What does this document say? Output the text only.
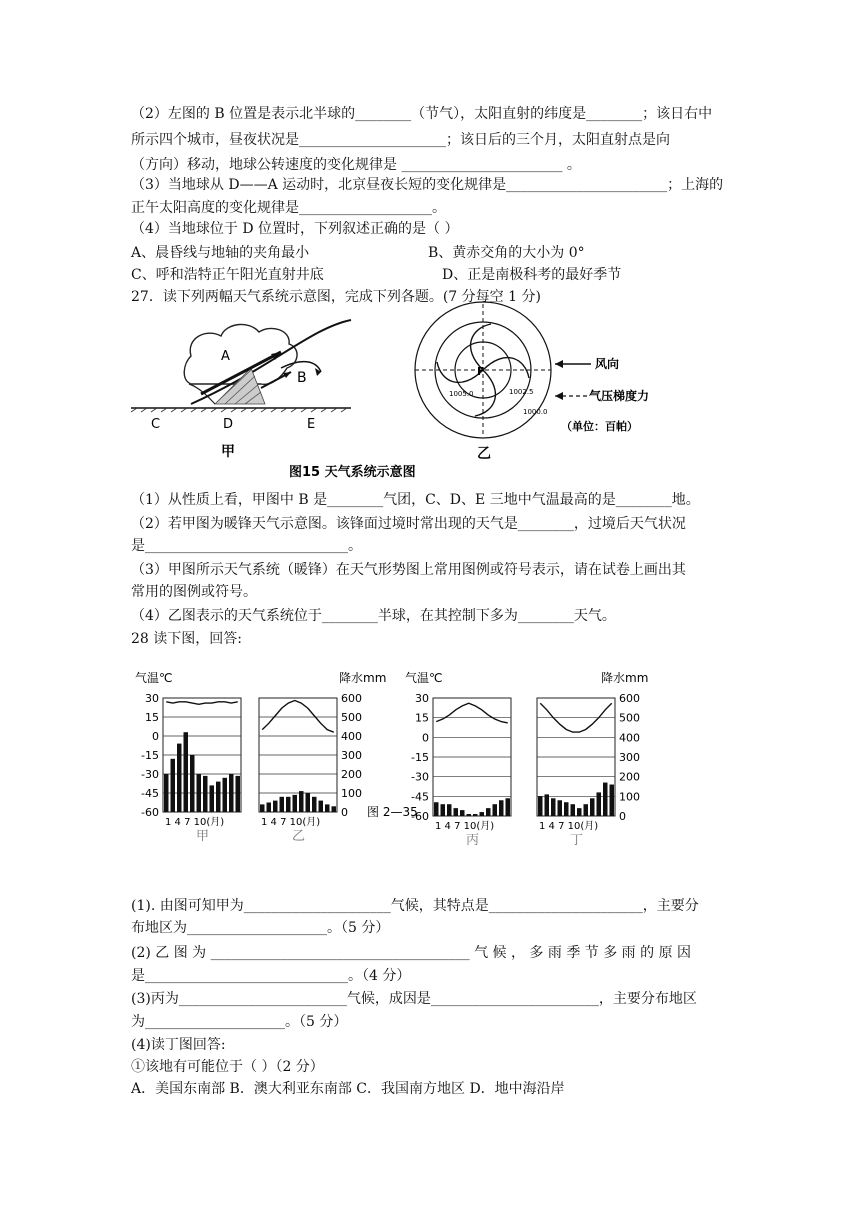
（2）左图的 B 位置是表示北半球的________（节气），太阳直射的纬度是________；该日右中
所示四个城市，昼夜状况是_____________________；该日后的三个月，太阳直射点是向
（方向）移动，地球公转速度的变化规律是 _______________________ 。
（3）当地球从 D——A 运动时，北京昼夜长短的变化规律是_______________________；上海的
正午太阳高度的变化规律是___________________。
（4）当地球位于 D 位置时，下列叙述正确的是（ ）
A、晨昏线与地轴的夹角最小	B、黄赤交角的大小为 0°
C、呼和浩特正午阳光直射井底	D、正是南极科考的最好季节
27．读下列两幅天气系统示意图，完成下列各题。(7 分每空 1 分)
A
B
C	D	E
甲
图15 天气系统示意图
F
1005.0	1002.5
1000.0
乙
风向
气压梯度力
（单位：百帕）
（1）从性质上看，甲图中 B 是________气团，C、D、E 三地中气温最高的是________地。
（2）若甲图为暖锋天气示意图。该锋面过境时常出现的天气是________，过境后天气状况
是_____________________________。
（3）甲图所示天气系统（暖锋）在天气形势图上常用图例或符号表示，请在试卷上画出其
常用的图例或符号。
（4）乙图表示的天气系统位于________半球，在其控制下多为________天气。
28 读下图，回答:
图 2—35
气温℃	降水mm 气温℃	降水mm
30
15
0
-15
-30
-45
-60
1 4 7 10(月)
甲
600
500
400
300
200
100
0
1 4 7 10(月)
乙
30
15
0
-15
-30
-45
-60
1 4 7 10(月)
丙
600
500
400
300
200
100
0
1 4 7 10(月)
丁
(1). 由图可知甲为_____________________气候，其特点是______________________，主要分
布地区为____________________。（5 分）
(2) 乙 图 为 _____________________________________ 气 候 ， 多 雨 季 节 多 雨 的 原 因
是_____________________________。（4 分）
(3)丙为________________________气候，成因是________________________，主要分布地区
为____________________。（5 分）
(4)读丁图回答:
①该地有可能位于（ ）（2 分）
A．美国东南部 B．澳大利亚东南部 C．我国南方地区 D．地中海沿岸
